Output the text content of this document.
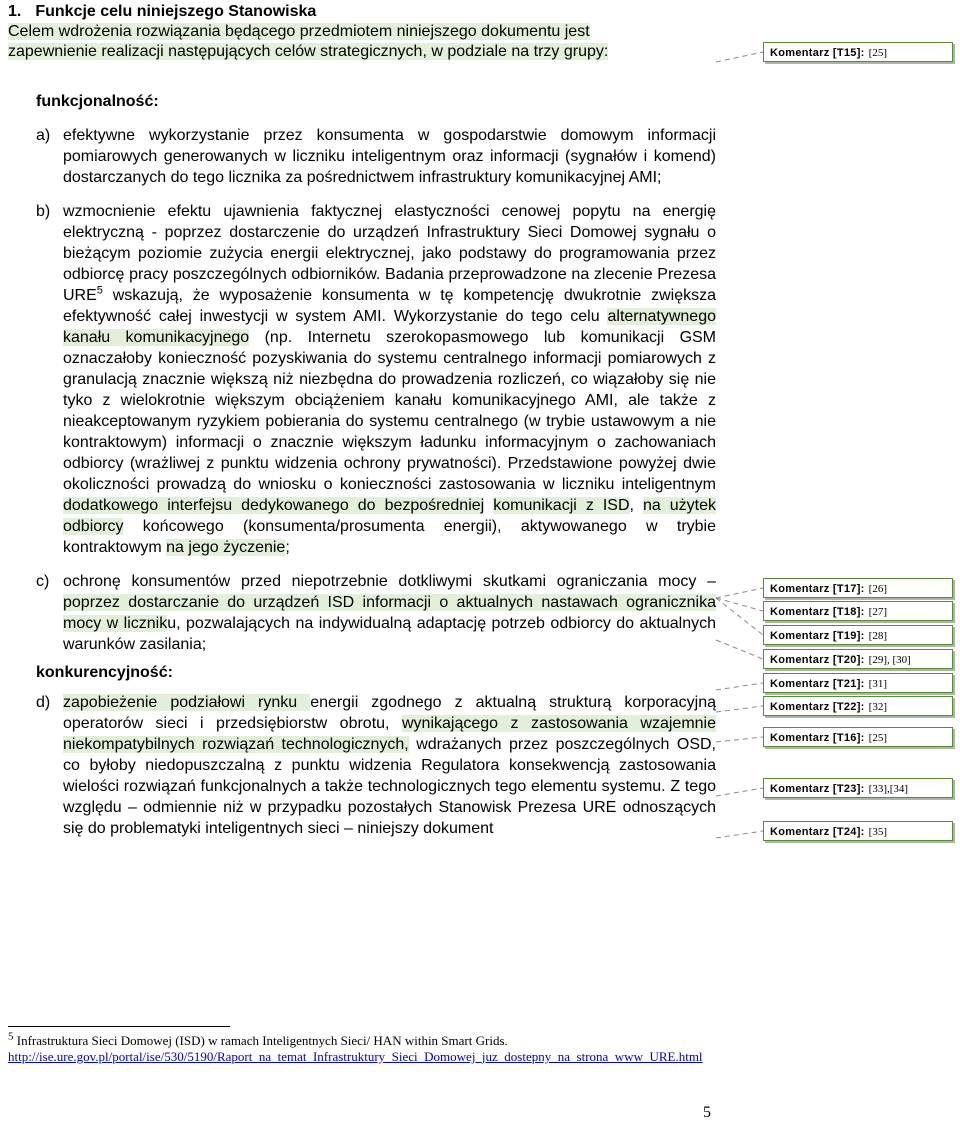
1. Funkcje celu niniejszego Stanowiska

Celem wdrożenia rozwiązania będącego przedmiotem niniejszego dokumentu jest
zapewnienie realizacji następujących celów strategicznych, w podziale na trzy grupy:

funkcjonalność:

a) efektywne wykorzystanie przez konsumenta w gospodarstwie domowym informacji pomiarowych generowanych w liczniku inteligentnym oraz informacji (sygnałów i komend) dostarczanych do tego licznika za pośrednictwem infrastruktury komunikacyjnej AMI;

b) wzmocnienie efektu ujawnienia faktycznej elastyczności cenowej popytu na energię elektryczną - poprzez dostarczenie do urządzeń Infrastruktury Sieci Domowej sygnału o bieżącym poziomie zużycia energii elektrycznej, jako podstawy do programowania przez odbiorcę pracy poszczególnych odbiorników. Badania przeprowadzone na zlecenie Prezesa URE$^5$ wskazują, że wyposażenie konsumenta w tę kompetencję dwukrotnie zwiększa efektywność całej inwestycji w system AMI. Wykorzystanie do tego celu alternatywnego kanału komunikacyjnego (np. Internetu szerokopasmowego lub komunikacji GSM oznaczałoby konieczność pozyskiwania do systemu centralnego informacji pomiarowych z granulacją znacznie większą niż niezbędna do prowadzenia rozliczeń, co wiązałoby się nie tyko z wielokrotnie większym obciążeniem kanału komunikacyjnego AMI, ale także z nieakceptowanym ryzykiem pobierania do systemu centralnego (w trybie ustawowym a nie kontraktowym) informacji o znacznie większym ładunku informacyjnym o zachowaniach odbiorcy (wrażliwej z punktu widzenia ochrony prywatności). Przedstawione powyżej dwie okoliczności prowadzą do wniosku o konieczności zastosowania w liczniku inteligentnym dodatkowego interfejsu dedykowanego do bezpośredniej komunikacji z ISD, na użytek odbiorcy końcowego (konsumenta/prosumenta energii), aktywowanego w trybie kontraktowym na jego życzenie;

c) ochronę konsumentów przed niepotrzebnie dotkliwymi skutkami ograniczania mocy – poprzez dostarczanie do urządzeń ISD informacji o aktualnych nastawach ogranicznika mocy w liczniku, pozwalających na indywidualną adaptację potrzeb odbiorcy do aktualnych warunków zasilania;

konkurencyjność:

d) zapobieżenie podziałowi rynku energii zgodnego z aktualną strukturą korporacyjną operatorów sieci i przedsiębiorstw obrotu, wynikającego z zastosowania wzajemnie niekompatybilnych rozwiązań technologicznych, wdrażanych przez poszczególnych OSD, co byłoby niedopuszczalną z punktu widzenia Regulatora konsekwencją zastosowania wielości rozwiązań funkcjonalnych a także technologicznych tego elementu systemu. Z tego względu – odmiennie niż w przypadku pozostałych Stanowisk Prezesa URE odnoszących się do problematyki inteligentnych sieci – niniejszy dokument

Komentarz [T15]: [25]
Komentarz [T16]: [25]
Komentarz [T17]: [26]
Komentarz [T18]: [27]
Komentarz [T19]: [28]
Komentarz [T20]: [29], [30]
Komentarz [T21]: [31]
Komentarz [T22]: [32]
Komentarz [T23]: [33],[34]
Komentarz [T24]: [35]
$^5$ Infrastruktura Sieci Domowej (ISD) w ramach Inteligentnych Sieci/ HAN within Smart Grids.
http://ise.ure.gov.pl/portal/ise/530/5190/Raport_na_temat_Infrastruktury_Sieci_Domowej_juz_dostepny_na_strona_www_URE.html
5
